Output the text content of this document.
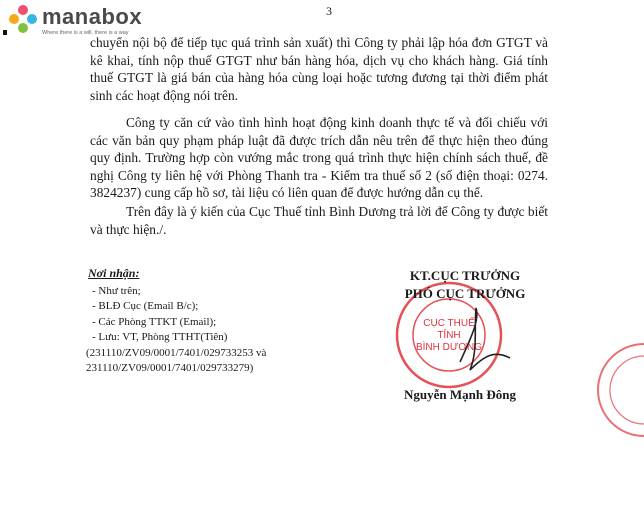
manabox
Where there is a will, there is a way
3

chuyển nội bộ để tiếp tục quá trình sản xuất) thì Công ty phải lập hóa đơn GTGT và kê khai, tính nộp thuế GTGT như bán hàng hóa, dịch vụ cho khách hàng. Giá tính thuế GTGT là giá bán của hàng hóa cùng loại hoặc tương đương tại thời điểm phát sinh các hoạt động nói trên.

Công ty căn cứ vào tình hình hoạt động kinh doanh thực tế và đối chiếu với các văn bản quy phạm pháp luật đã được trích dẫn nêu trên để thực hiện theo đúng quy định. Trường hợp còn vướng mắc trong quá trình thực hiện chính sách thuế, đề nghị Công ty liên hệ với Phòng Thanh tra - Kiểm tra thuế số 2 (số điện thoại: 0274. 3824237) cung cấp hồ sơ, tài liệu có liên quan để được hướng dẫn cụ thể.

Trên đây là ý kiến của Cục Thuế tỉnh Bình Dương trả lời để Công ty được biết và thực hiện./.

Nơi nhận:
- Như trên;
- BLĐ Cục (Email B/c);
- Các Phòng TTKT (Email);
- Lưu: VT, Phòng TTHT(Tiên)
(231110/ZV09/0001/7401/029733253 và
231110/ZV09/0001/7401/029733279)
CỤC THUẾ
TỈNH
BÌNH DƯƠNG
KT.CỤC TRƯỞNG
PHÓ CỤC TRƯỞNG
Nguyễn Mạnh Đông
